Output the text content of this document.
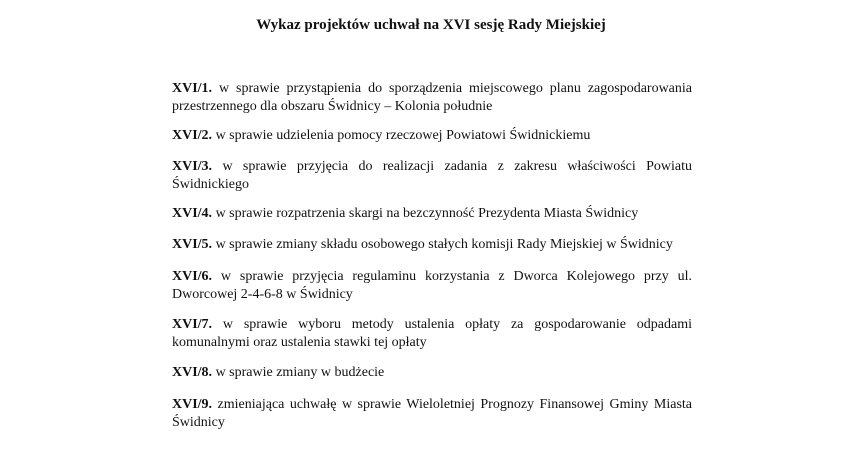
Wykaz projektów uchwał na XVI sesję Rady Miejskiej
XVI/1. w sprawie przystąpienia do sporządzenia miejscowego planu zagospodarowania przestrzennego dla obszaru Świdnicy – Kolonia południe
XVI/2. w sprawie udzielenia pomocy rzeczowej Powiatowi Świdnickiemu
XVI/3. w sprawie przyjęcia do realizacji zadania z zakresu właściwości Powiatu Świdnickiego
XVI/4. w sprawie rozpatrzenia skargi na bezczynność Prezydenta Miasta Świdnicy
XVI/5. w sprawie zmiany składu osobowego stałych komisji Rady Miejskiej w Świdnicy
XVI/6. w sprawie przyjęcia regulaminu korzystania z Dworca Kolejowego przy ul. Dworcowej 2-4-6-8 w Świdnicy
XVI/7. w sprawie wyboru metody ustalenia opłaty za gospodarowanie odpadami komunalnymi oraz ustalenia stawki tej opłaty
XVI/8. w sprawie zmiany w budżecie
XVI/9. zmieniająca uchwałę w sprawie Wieloletniej Prognozy Finansowej Gminy Miasta Świdnicy
